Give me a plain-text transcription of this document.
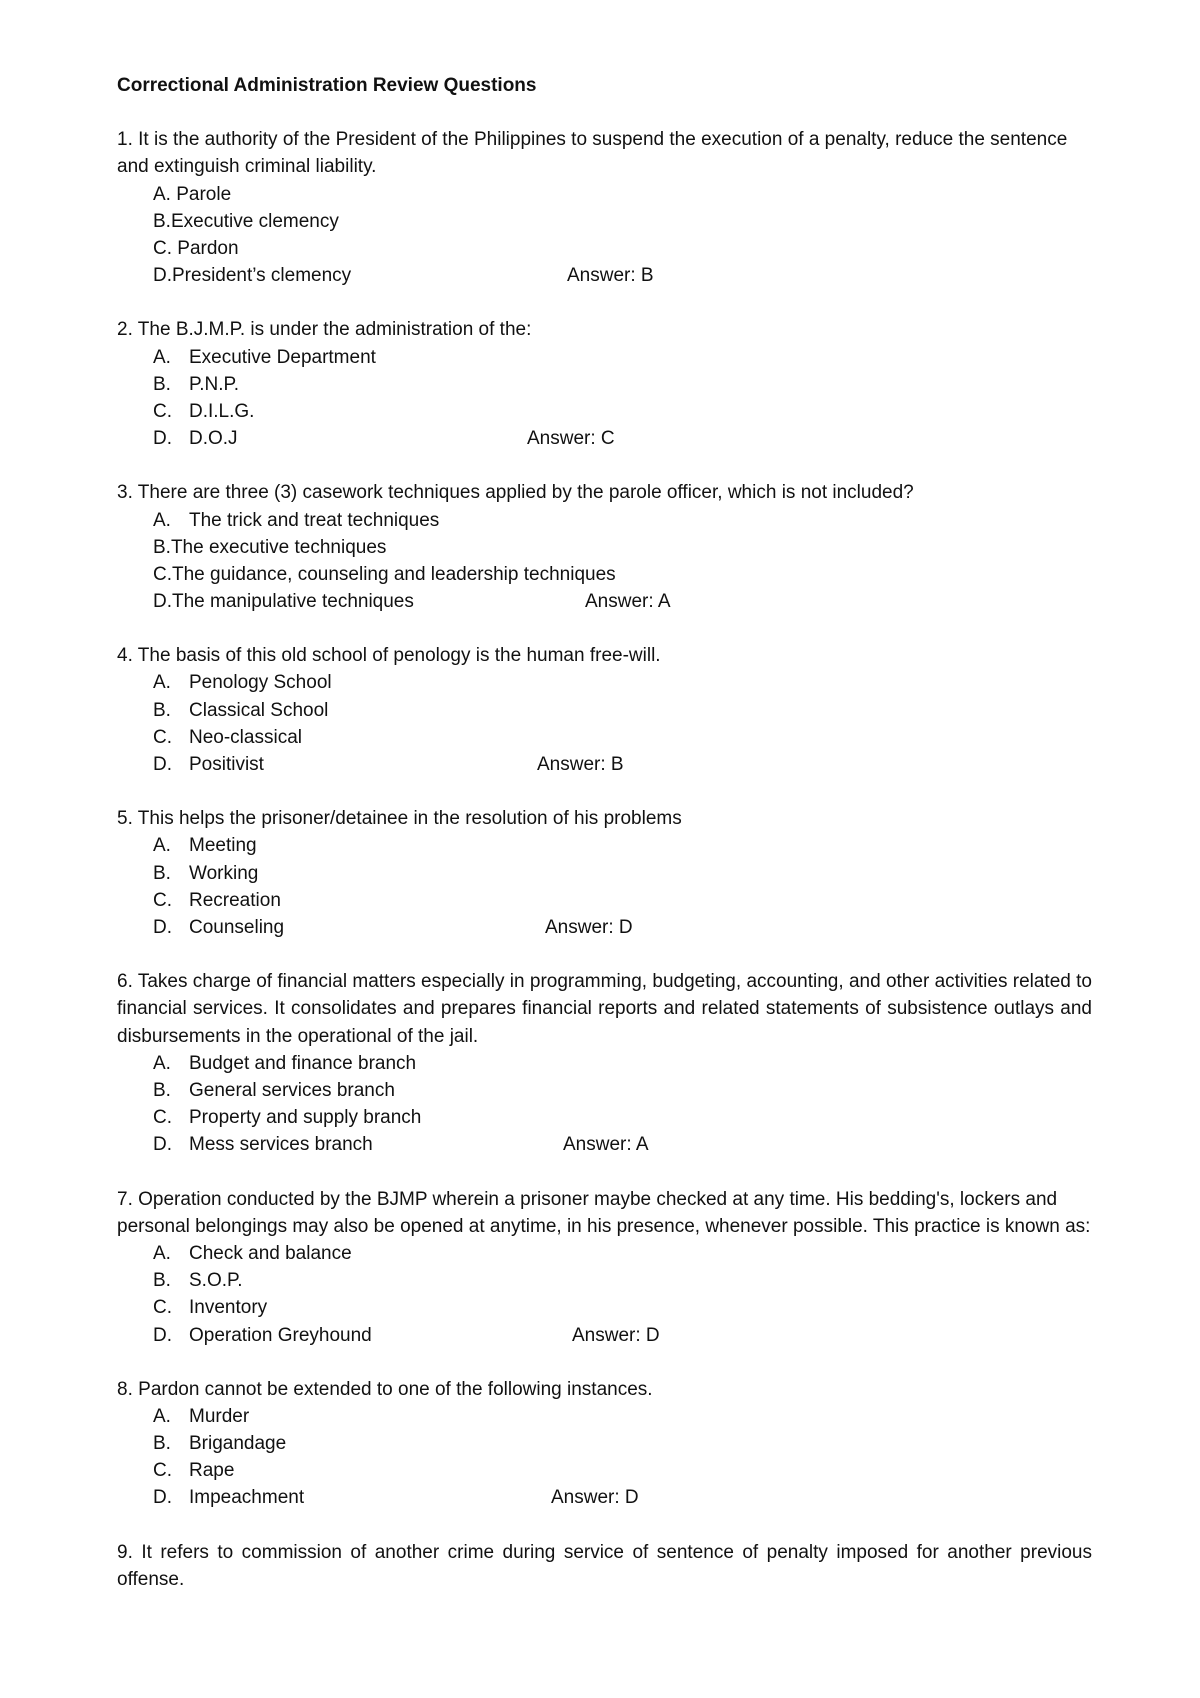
Correctional Administration Review Questions

1. It is the authority of the President of the Philippines to suspend the execution of a penalty, reduce the sentence and extinguish criminal liability.

A. Parole
B.Executive clemency
C. Pardon
D.President’s clemency	Answer: B

2. The B.J.M.P. is under the administration of the:

A. Executive Department
B. P.N.P.
C. D.I.L.G.
D. D.O.J	Answer: C

3. There are three (3) casework techniques applied by the parole officer, which is not included?

A. The trick and treat techniques
B.The executive techniques
C.The guidance, counseling and leadership techniques
D.The manipulative techniques	Answer: A

4. The basis of this old school of penology is the human free-will.

A. Penology School
B. Classical School
C. Neo-classical
D. Positivist	Answer: B

5. This helps the prisoner/detainee in the resolution of his problems

A. Meeting
B. Working
C. Recreation
D. Counseling	Answer: D

6. Takes charge of financial matters especially in programming, budgeting, accounting, and other activities related to financial services. It consolidates and prepares financial reports and related statements of subsistence outlays and disbursements in the operational of the jail.

A. Budget and finance branch
B. General services branch
C. Property and supply branch
D. Mess services branch	Answer: A

7. Operation conducted by the BJMP wherein a prisoner maybe checked at any time. His bedding's, lockers and personal belongings may also be opened at anytime, in his presence, whenever possible. This practice is known as:

A. Check and balance
B. S.O.P.
C. Inventory
D. Operation Greyhound	Answer: D

8. Pardon cannot be extended to one of the following instances.

A. Murder
B. Brigandage
C. Rape
D. Impeachment	Answer: D

9. It refers to commission of another crime during service of sentence of penalty imposed for another previous offense.
